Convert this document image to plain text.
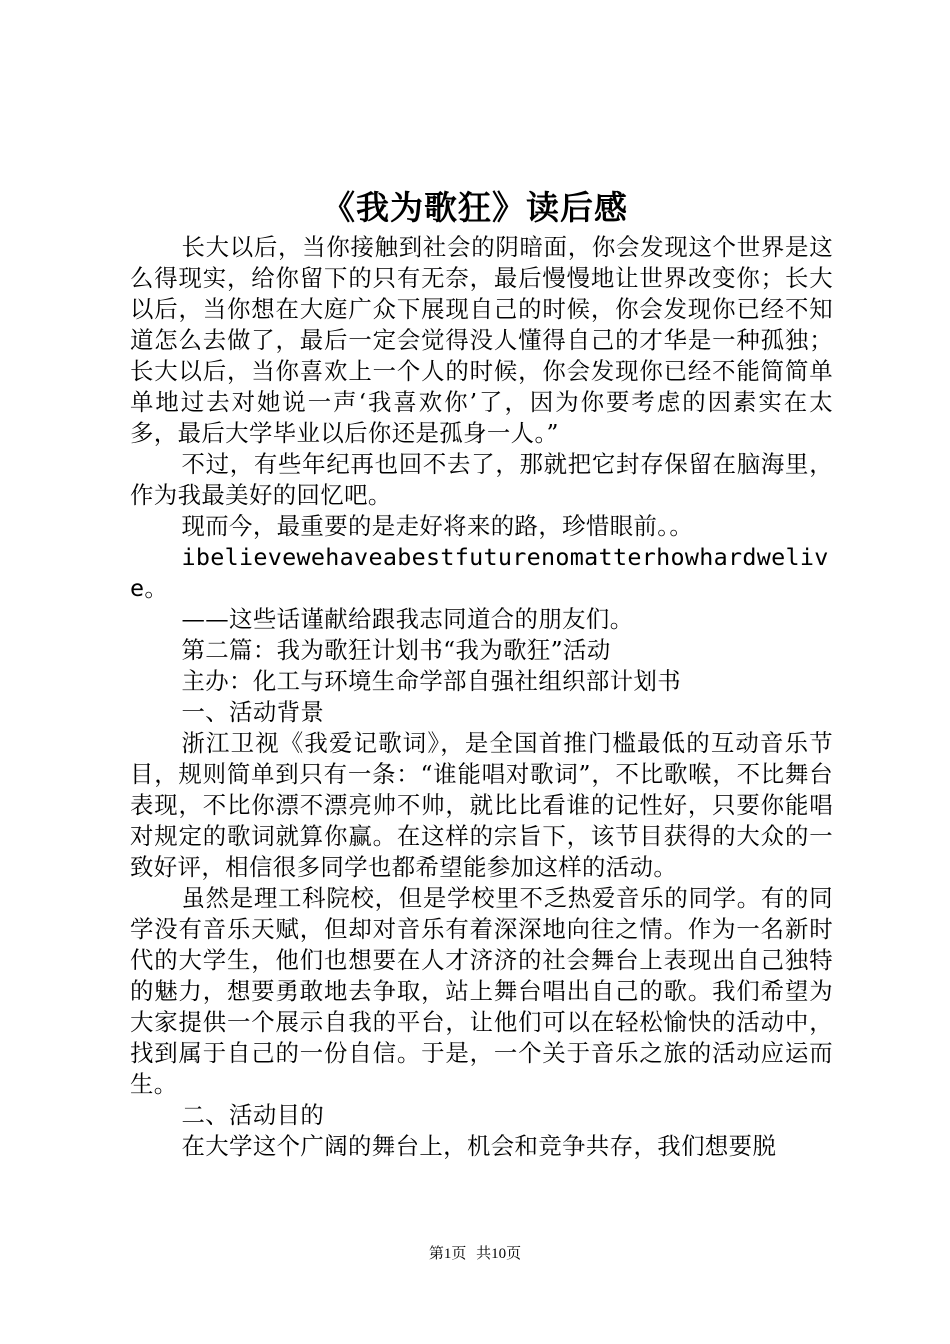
《我为歌狂》读后感

长大以后，当你接触到社会的阴暗面，你会发现这个世界是这么得现实，给你留下的只有无奈，最后慢慢地让世界改变你；长大以后，当你想在大庭广众下展现自己的时候，你会发现你已经不知道怎么去做了，最后一定会觉得没人懂得自己的才华是一种孤独；长大以后，当你喜欢上一个人的时候，你会发现你已经不能简简单单地过去对她说一声‘我喜欢你’了，因为你要考虑的因素实在太多，最后大学毕业以后你还是孤身一人。”

不过，有些年纪再也回不去了，那就把它封存保留在脑海里，作为我最美好的回忆吧。

现而今，最重要的是走好将来的路，珍惜眼前。。

ibelievewehaveabestfuturenomatterhowhardwelive。

——这些话谨献给跟我志同道合的朋友们。

第二篇：我为歌狂计划书“我为歌狂”活动

主办：化工与环境生命学部自强社组织部计划书

一、活动背景

浙江卫视《我爱记歌词》，是全国首推门槛最低的互动音乐节目，规则简单到只有一条：“谁能唱对歌词”，不比歌喉，不比舞台表现，不比你漂不漂亮帅不帅，就比比看谁的记性好，只要你能唱对规定的歌词就算你赢。在这样的宗旨下，该节目获得的大众的一致好评，相信很多同学也都希望能参加这样的活动。

虽然是理工科院校，但是学校里不乏热爱音乐的同学。有的同学没有音乐天赋，但却对音乐有着深深地向往之情。作为一名新时代的大学生，他们也想要在人才济济的社会舞台上表现出自己独特的魅力，想要勇敢地去争取，站上舞台唱出自己的歌。我们希望为大家提供一个展示自我的平台，让他们可以在轻松愉快的活动中，找到属于自己的一份自信。于是，一个关于音乐之旅的活动应运而生。

二、活动目的

在大学这个广阔的舞台上，机会和竞争共存，我们想要脱

第1页 共10页
